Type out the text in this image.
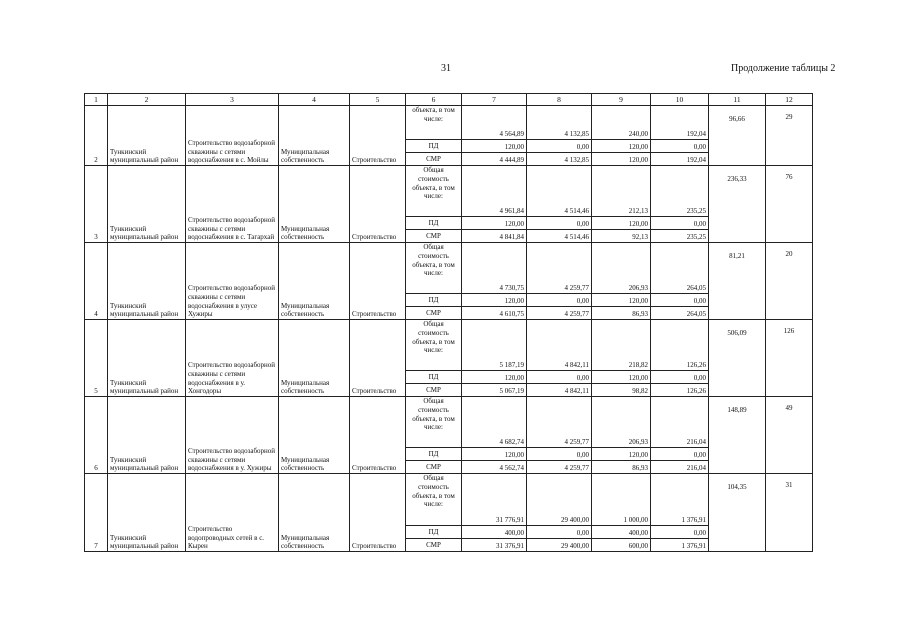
31	Продолжение таблицы 2
1	2	3	4	5	6	7	8	9	10	11	12
2	Тункинский муниципальный район	Строительство водозаборной скважины с сетями водоснабжения в с. Мойлы	Муниципальная собственность	Строительство	объекта, в том числе:	4 564,89	4 132,85	240,00	192,04	96,66	29
					ПД	120,00	0,00	120,00	0,00		
					СМР	4 444,89	4 132,85	120,00	192,04		
3	Тункинский муниципальный район	Строительство водозаборной скважины с сетями водоснабжения в с. Тагархай	Муниципальная собственность	Строительство	Общая стоимость объекта, в том числе:	4 961,84	4 514,46	212,13	235,25	236,33	76
					ПД	120,00	0,00	120,00	0,00		
					СМР	4 841,84	4 514,46	92,13	235,25		
4	Тункинский муниципальный район	Строительство водозаборной скважины с сетями водоснабжения в улусе Хужиры	Муниципальная собственность	Строительство	Общая стоимость объекта, в том числе:	4 730,75	4 259,77	206,93	264,05	81,21	20
					ПД	120,00	0,00	120,00	0,00		
					СМР	4 610,75	4 259,77	86,93	264,05		
5	Тункинский муниципальный район	Строительство водозаборной скважины с сетями водоснабжения в у. Хонгодоры	Муниципальная собственность	Строительство	Общая стоимость объекта, в том числе:	5 187,19	4 842,11	218,82	126,26	506,09	126
					ПД	120,00	0,00	120,00	0,00		
					СМР	5 067,19	4 842,11	98,82	126,26		
6	Тункинский муниципальный район	Строительство водозаборной скважины с сетями водоснабжения в у. Хужиры	Муниципальная собственность	Строительство	Общая стоимость объекта, в том числе:	4 682,74	4 259,77	206,93	216,04	148,89	49
					ПД	120,00	0,00	120,00	0,00		
					СМР	4 562,74	4 259,77	86,93	216,04		
7	Тункинский муниципальный район	Строительство водопроводных сетей в с. Кырен	Муниципальная собственность	Строительство	Общая стоимость объекта, в том числе:	31 776,91	29 400,00	1 000,00	1 376,91	104,35	31
					ПД	400,00	0,00	400,00	0,00		
					СМР	31 376,91	29 400,00	600,00	1 376,91		
